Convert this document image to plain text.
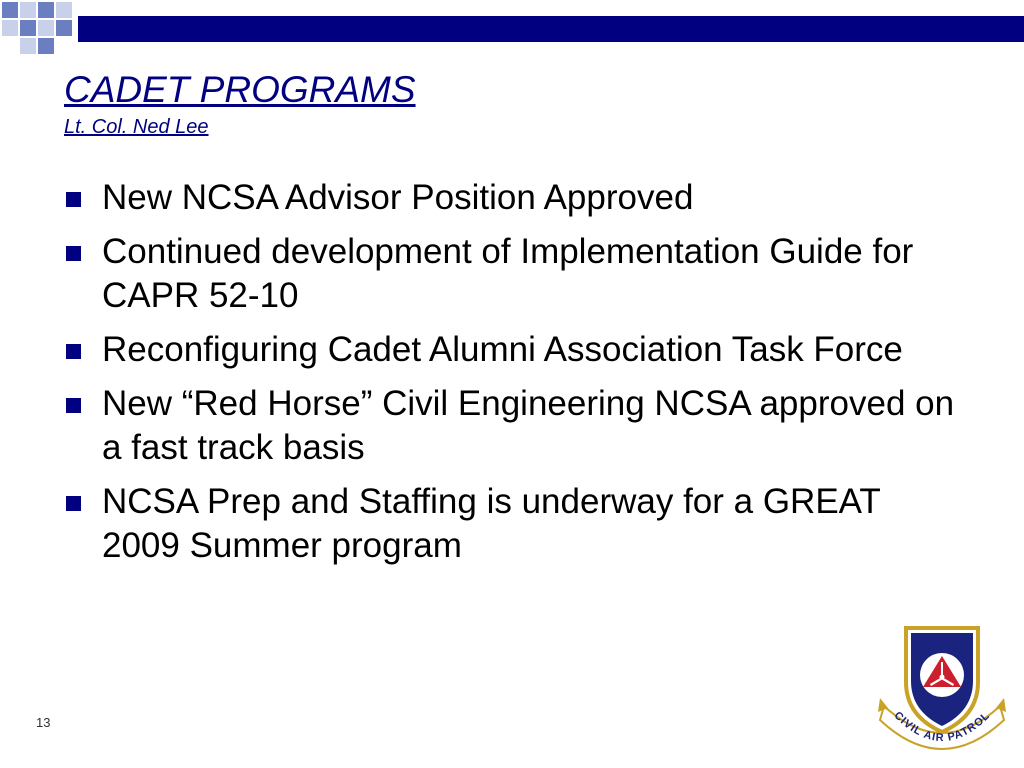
CADET PROGRAMS
Lt. Col. Ned Lee
New NCSA Advisor Position Approved
Continued development of Implementation Guide for CAPR 52-10
Reconfiguring Cadet Alumni Association Task Force
New “Red Horse” Civil Engineering NCSA approved on a fast track basis
NCSA Prep and Staffing is underway for a GREAT 2009 Summer program
13	CIVIL AIR PATROL
